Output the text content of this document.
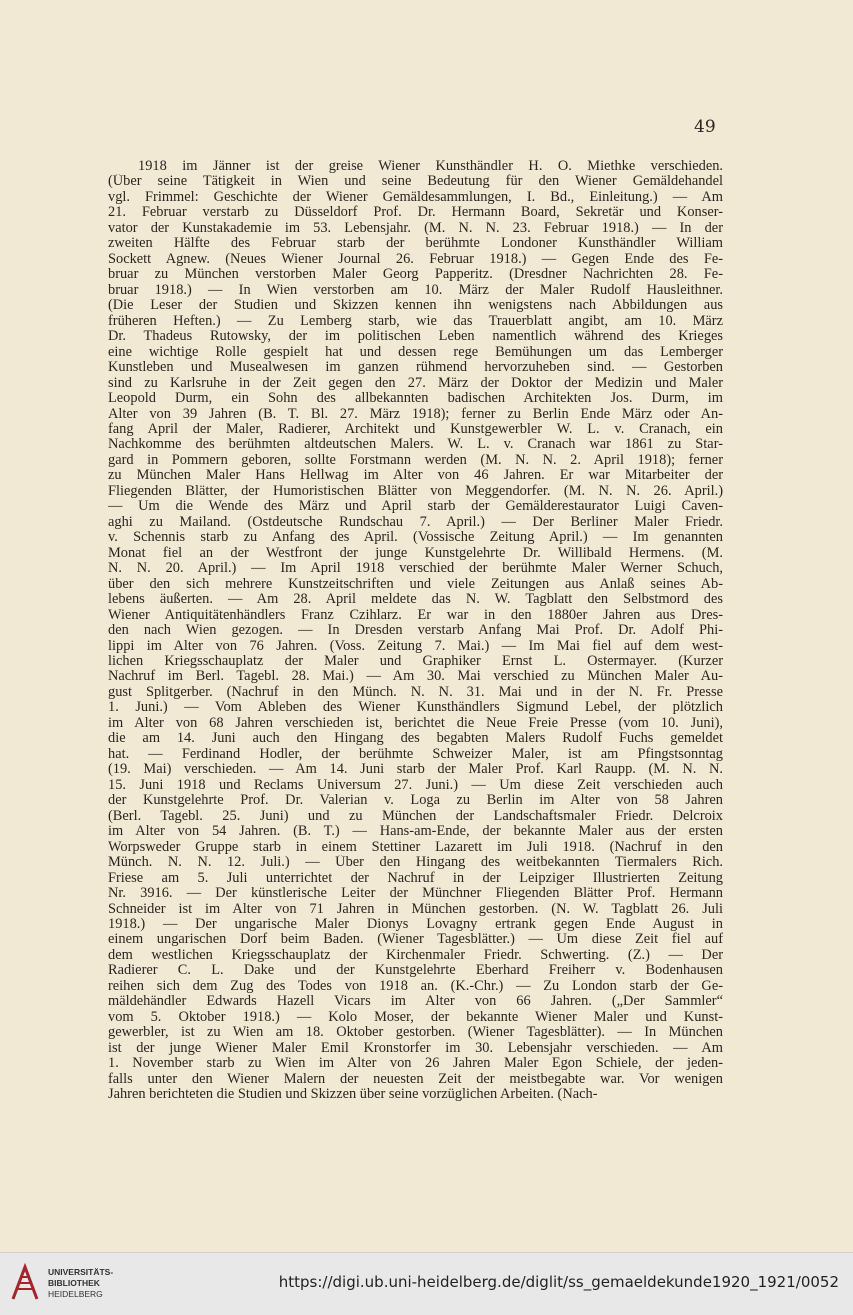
49
1918 im Jänner ist der greise Wiener Kunsthändler H. O. Miethke verschieden.
(Über seine Tätigkeit in Wien und seine Bedeutung für den Wiener Gemäldehandel
vgl. Frimmel: Geschichte der Wiener Gemäldesammlungen, I. Bd., Einleitung.) — Am
21. Februar verstarb zu Düsseldorf Prof. Dr. Hermann Board, Sekretär und Konser-
vator der Kunstakademie im 53. Lebensjahr. (M. N. N. 23. Februar 1918.) — In der
zweiten Hälfte des Februar starb der berühmte Londoner Kunsthändler William
Sockett Agnew. (Neues Wiener Journal 26. Februar 1918.) — Gegen Ende des Fe-
bruar zu München verstorben Maler Georg Papperitz. (Dresdner Nachrichten 28. Fe-
bruar 1918.) — In Wien verstorben am 10. März der Maler Rudolf Hausleithner.
(Die Leser der Studien und Skizzen kennen ihn wenigstens nach Abbildungen aus
früheren Heften.) — Zu Lemberg starb, wie das Trauerblatt angibt, am 10. März
Dr. Thadeus Rutowsky, der im politischen Leben namentlich während des Krieges
eine wichtige Rolle gespielt hat und dessen rege Bemühungen um das Lemberger
Kunstleben und Musealwesen im ganzen rühmend hervorzuheben sind. — Gestorben
sind zu Karlsruhe in der Zeit gegen den 27. März der Doktor der Medizin und Maler
Leopold Durm, ein Sohn des allbekannten badischen Architekten Jos. Durm, im
Alter von 39 Jahren (B. T. Bl. 27. März 1918); ferner zu Berlin Ende März oder An-
fang April der Maler, Radierer, Architekt und Kunstgewerbler W. L. v. Cranach, ein
Nachkomme des berühmten altdeutschen Malers. W. L. v. Cranach war 1861 zu Star-
gard in Pommern geboren, sollte Forstmann werden (M. N. N. 2. April 1918); ferner
zu München Maler Hans Hellwag im Alter von 46 Jahren. Er war Mitarbeiter der
Fliegenden Blätter, der Humoristischen Blätter von Meggendorfer. (M. N. N. 26. April.)
— Um die Wende des März und April starb der Gemälderestaurator Luigi Caven-
aghi zu Mailand. (Ostdeutsche Rundschau 7. April.) — Der Berliner Maler Friedr.
v. Schennis starb zu Anfang des April. (Vossische Zeitung April.) — Im genannten
Monat fiel an der Westfront der junge Kunstgelehrte Dr. Willibald Hermens. (M.
N. N. 20. April.) — Im April 1918 verschied der berühmte Maler Werner Schuch,
über den sich mehrere Kunstzeitschriften und viele Zeitungen aus Anlaß seines Ab-
lebens äußerten. — Am 28. April meldete das N. W. Tagblatt den Selbstmord des
Wiener Antiquitätenhändlers Franz Czihlarz. Er war in den 1880er Jahren aus Dres-
den nach Wien gezogen. — In Dresden verstarb Anfang Mai Prof. Dr. Adolf Phi-
lippi im Alter von 76 Jahren. (Voss. Zeitung 7. Mai.) — Im Mai fiel auf dem west-
lichen Kriegsschauplatz der Maler und Graphiker Ernst L. Ostermayer. (Kurzer
Nachruf im Berl. Tagebl. 28. Mai.) — Am 30. Mai verschied zu München Maler Au-
gust Splitgerber. (Nachruf in den Münch. N. N. 31. Mai und in der N. Fr. Presse
1. Juni.) — Vom Ableben des Wiener Kunsthändlers Sigmund Lebel, der plötzlich
im Alter von 68 Jahren verschieden ist, berichtet die Neue Freie Presse (vom 10. Juni),
die am 14. Juni auch den Hingang des begabten Malers Rudolf Fuchs gemeldet
hat. — Ferdinand Hodler, der berühmte Schweizer Maler, ist am Pfingstsonntag
(19. Mai) verschieden. — Am 14. Juni starb der Maler Prof. Karl Raupp. (M. N. N.
15. Juni 1918 und Reclams Universum 27. Juni.) — Um diese Zeit verschieden auch
der Kunstgelehrte Prof. Dr. Valerian v. Loga zu Berlin im Alter von 58 Jahren
(Berl. Tagebl. 25. Juni) und zu München der Landschaftsmaler Friedr. Delcroix
im Alter von 54 Jahren. (B. T.) — Hans-am-Ende, der bekannte Maler aus der ersten
Worpsweder Gruppe starb in einem Stettiner Lazarett im Juli 1918. (Nachruf in den
Münch. N. N. 12. Juli.) — Über den Hingang des weitbekannten Tiermalers Rich.
Friese am 5. Juli unterrichtet der Nachruf in der Leipziger Illustrierten Zeitung
Nr. 3916. — Der künstlerische Leiter der Münchner Fliegenden Blätter Prof. Hermann
Schneider ist im Alter von 71 Jahren in München gestorben. (N. W. Tagblatt 26. Juli
1918.) — Der ungarische Maler Dionys Lovagny ertrank gegen Ende August in
einem ungarischen Dorf beim Baden. (Wiener Tagesblätter.) — Um diese Zeit fiel auf
dem westlichen Kriegsschauplatz der Kirchenmaler Friedr. Schwerting. (Z.) — Der
Radierer C. L. Dake und der Kunstgelehrte Eberhard Freiherr v. Bodenhausen
reihen sich dem Zug des Todes von 1918 an. (K.-Chr.) — Zu London starb der Ge-
mäldehändler Edwards Hazell Vicars im Alter von 66 Jahren. („Der Sammler“
vom 5. Oktober 1918.) — Kolo Moser, der bekannte Wiener Maler und Kunst-
gewerbler, ist zu Wien am 18. Oktober gestorben. (Wiener Tagesblätter). — In München
ist der junge Wiener Maler Emil Kronstorfer im 30. Lebensjahr verschieden. — Am
1. November starb zu Wien im Alter von 26 Jahren Maler Egon Schiele, der jeden-
falls unter den Wiener Malern der neuesten Zeit der meistbegabte war. Vor wenigen
Jahren berichteten die Studien und Skizzen über seine vorzüglichen Arbeiten. (Nach-
UNIVERSITÄTS-
BIBLIOTHEK
HEIDELBERG
https://digi.ub.uni-heidelberg.de/diglit/ss_gemaeldekunde1920_1921/0052
